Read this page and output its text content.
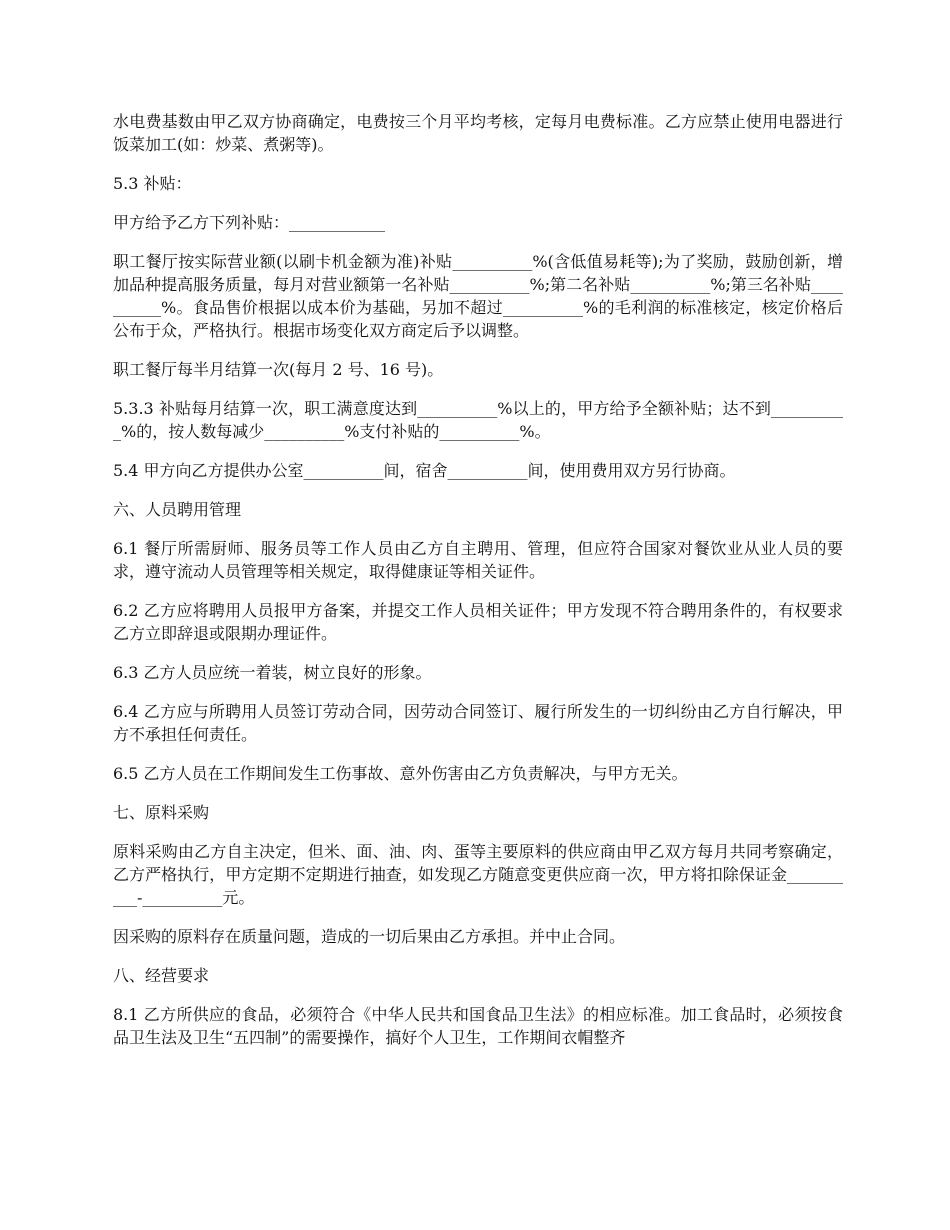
水电费基数由甲乙双方协商确定，电费按三个月平均考核，定每月电费标准。乙方应禁止使用电器进行饭菜加工(如：炒菜、煮粥等)。

5.3 补贴：

甲方给予乙方下列补贴：____________

职工餐厅按实际营业额(以刷卡机金额为准)补贴__________%(含低值易耗等);为了奖励，鼓励创新，增加品种提高服务质量，每月对营业额第一名补贴__________%;第二名补贴__________%;第三名补贴__________%。食品售价根据以成本价为基础，另加不超过__________%的毛利润的标准核定，核定价格后公布于众，严格执行。根据市场变化双方商定后予以调整。

职工餐厅每半月结算一次(每月 2 号、16 号)。

5.3.3 补贴每月结算一次，职工满意度达到__________%以上的，甲方给予全额补贴；达不到__________%的，按人数每减少__________%支付补贴的__________%。

5.4 甲方向乙方提供办公室__________间，宿舍__________间，使用费用双方另行协商。

六、人员聘用管理

6.1 餐厅所需厨师、服务员等工作人员由乙方自主聘用、管理，但应符合国家对餐饮业从业人员的要求，遵守流动人员管理等相关规定，取得健康证等相关证件。

6.2 乙方应将聘用人员报甲方备案，并提交工作人员相关证件；甲方发现不符合聘用条件的，有权要求乙方立即辞退或限期办理证件。

6.3 乙方人员应统一着装，树立良好的形象。

6.4 乙方应与所聘用人员签订劳动合同，因劳动合同签订、履行所发生的一切纠纷由乙方自行解决，甲方不承担任何责任。

6.5 乙方人员在工作期间发生工伤事故、意外伤害由乙方负责解决，与甲方无关。

七、原料采购

原料采购由乙方自主决定，但米、面、油、肉、蛋等主要原料的供应商由甲乙双方每月共同考察确定，乙方严格执行，甲方定期不定期进行抽查，如发现乙方随意变更供应商一次，甲方将扣除保证金__________-__________元。

因采购的原料存在质量问题，造成的一切后果由乙方承担。并中止合同。

八、经营要求

8.1 乙方所供应的食品，必须符合《中华人民共和国食品卫生法》的相应标准。加工食品时，必须按食品卫生法及卫生“五四制”的需要操作，搞好个人卫生，工作期间衣帽整齐
